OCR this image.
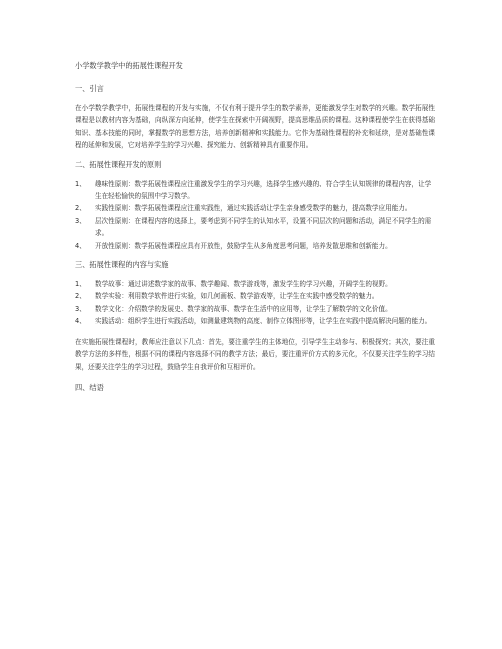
小学数学教学中的拓展性课程开发
一、引言

在小学数学教学中，拓展性课程的开发与实施，不仅有利于提升学生的数学素养，更能激发学生对数学的兴趣。数学拓展性课程是以教材内容为基础，向纵深方向延伸，使学生在探索中开阔视野，提高思维品质的课程。这种课程使学生在获得基础知识、基本技能的同时，掌握数学的思想方法，培养创新精神和实践能力。它作为基础性课程的补充和延续，是对基础性课程的延伸和发展，它对培养学生的学习兴趣、探究能力、创新精神具有重要作用。

二、拓展性课程开发的原则
1、 趣味性原则：数学拓展性课程应注重激发学生的学习兴趣，选择学生感兴趣的、符合学生认知规律的课程内容，让学生在轻松愉快的氛围中学习数学。
2、 实践性原则：数学拓展性课程应注重实践性，通过实践活动让学生亲身感受数学的魅力，提高数学应用能力。
3、 层次性原则：在课程内容的选择上，要考虑到不同学生的认知水平，设置不同层次的问题和活动，满足不同学生的需求。
4、 开放性原则：数学拓展性课程应具有开放性，鼓励学生从多角度思考问题，培养发散思维和创新能力。
三、拓展性课程的内容与实施
1、 数学故事：通过讲述数学家的故事、数学趣闻、数学游戏等，激发学生的学习兴趣，开阔学生的视野。
2、 数学实验：利用数学软件进行实验，如几何画板、数学游戏等，让学生在实践中感受数学的魅力。
3、 数学文化：介绍数学的发展史、数学家的故事、数学在生活中的应用等，让学生了解数学的文化价值。
4、 实践活动：组织学生进行实践活动，如测量建筑物的高度、制作立体图形等，让学生在实践中提高解决问题的能力。

在实施拓展性课程时，教师应注意以下几点：首先，要注重学生的主体地位，引导学生主动参与、积极探究；其次，要注重教学方法的多样性，根据不同的课程内容选择不同的教学方法；最后，要注重评价方式的多元化，不仅要关注学生的学习结果，还要关注学生的学习过程，鼓励学生自我评价和互相评价。

四、结语
